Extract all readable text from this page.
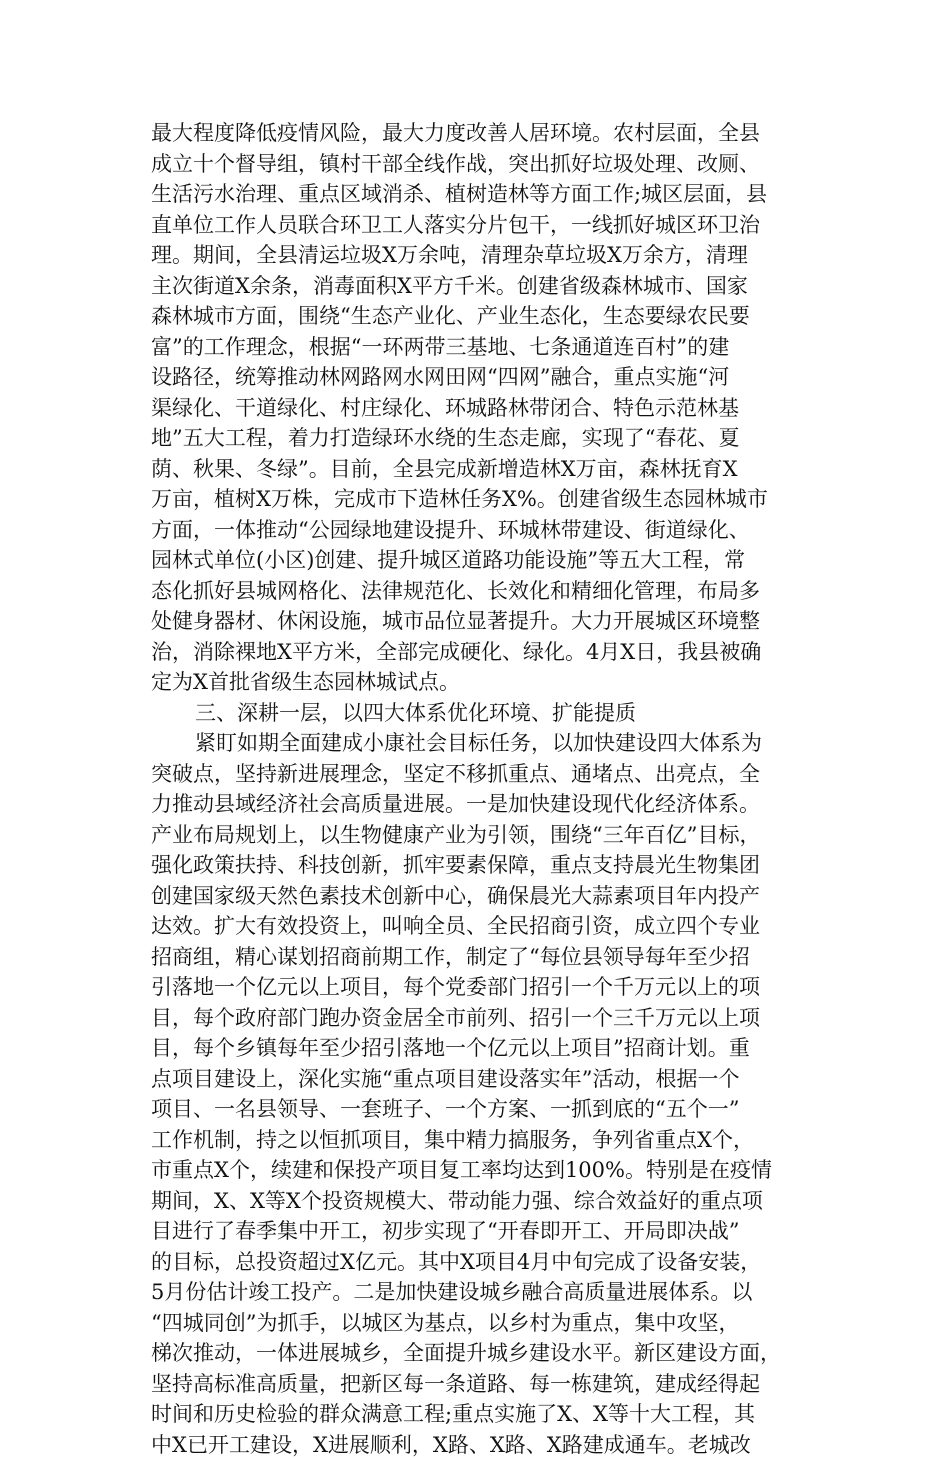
最大程度降低疫情风险，最大力度改善人居环境。农村层面，全县
成立十个督导组，镇村干部全线作战，突出抓好垃圾处理、改厕、
生活污水治理、重点区域消杀、植树造林等方面工作;城区层面，县
直单位工作人员联合环卫工人落实分片包干，一线抓好城区环卫治
理。期间，全县清运垃圾X万余吨，清理杂草垃圾X万余方，清理
主次街道X余条，消毒面积X平方千米。创建省级森林城市、国家
森林城市方面，围绕“生态产业化、产业生态化，生态要绿农民要
富”的工作理念，根据“一环两带三基地、七条通道连百村”的建
设路径，统筹推动林网路网水网田网“四网”融合，重点实施“河
渠绿化、干道绿化、村庄绿化、环城路林带闭合、特色示范林基
地”五大工程，着力打造绿环水绕的生态走廊，实现了“春花、夏
荫、秋果、冬绿”。目前，全县完成新增造林X万亩，森林抚育X
万亩，植树X万株，完成市下造林任务X%。创建省级生态园林城市
方面，一体推动“公园绿地建设提升、环城林带建设、街道绿化、
园林式单位(小区)创建、提升城区道路功能设施”等五大工程，常
态化抓好县城网格化、法律规范化、长效化和精细化管理，布局多
处健身器材、休闲设施，城市品位显著提升。大力开展城区环境整
治，消除裸地X平方米，全部完成硬化、绿化。4月X日，我县被确
定为X首批省级生态园林城试点。
三、深耕一层，以四大体系优化环境、扩能提质
紧盯如期全面建成小康社会目标任务，以加快建设四大体系为
突破点，坚持新进展理念，坚定不移抓重点、通堵点、出亮点，全
力推动县域经济社会高质量进展。一是加快建设现代化经济体系。
产业布局规划上，以生物健康产业为引领，围绕“三年百亿”目标，
强化政策扶持、科技创新，抓牢要素保障，重点支持晨光生物集团
创建国家级天然色素技术创新中心，确保晨光大蒜素项目年内投产
达效。扩大有效投资上，叫响全员、全民招商引资，成立四个专业
招商组，精心谋划招商前期工作，制定了“每位县领导每年至少招
引落地一个亿元以上项目，每个党委部门招引一个千万元以上的项
目，每个政府部门跑办资金居全市前列、招引一个三千万元以上项
目，每个乡镇每年至少招引落地一个亿元以上项目”招商计划。重
点项目建设上，深化实施“重点项目建设落实年”活动，根据一个
项目、一名县领导、一套班子、一个方案、一抓到底的“五个一”
工作机制，持之以恒抓项目，集中精力搞服务，争列省重点X个，
市重点X个，续建和保投产项目复工率均达到100%。特别是在疫情
期间，X、X等X个投资规模大、带动能力强、综合效益好的重点项
目进行了春季集中开工，初步实现了“开春即开工、开局即决战”
的目标，总投资超过X亿元。其中X项目4月中旬完成了设备安装，
5月份估计竣工投产。二是加快建设城乡融合高质量进展体系。以
“四城同创”为抓手，以城区为基点，以乡村为重点，集中攻坚，
梯次推动，一体进展城乡，全面提升城乡建设水平。新区建设方面，
坚持高标准高质量，把新区每一条道路、每一栋建筑，建成经得起
时间和历史检验的群众满意工程;重点实施了X、X等十大工程，其
中X已开工建设，X进展顺利，X路、X路、X路建成通车。老城改
